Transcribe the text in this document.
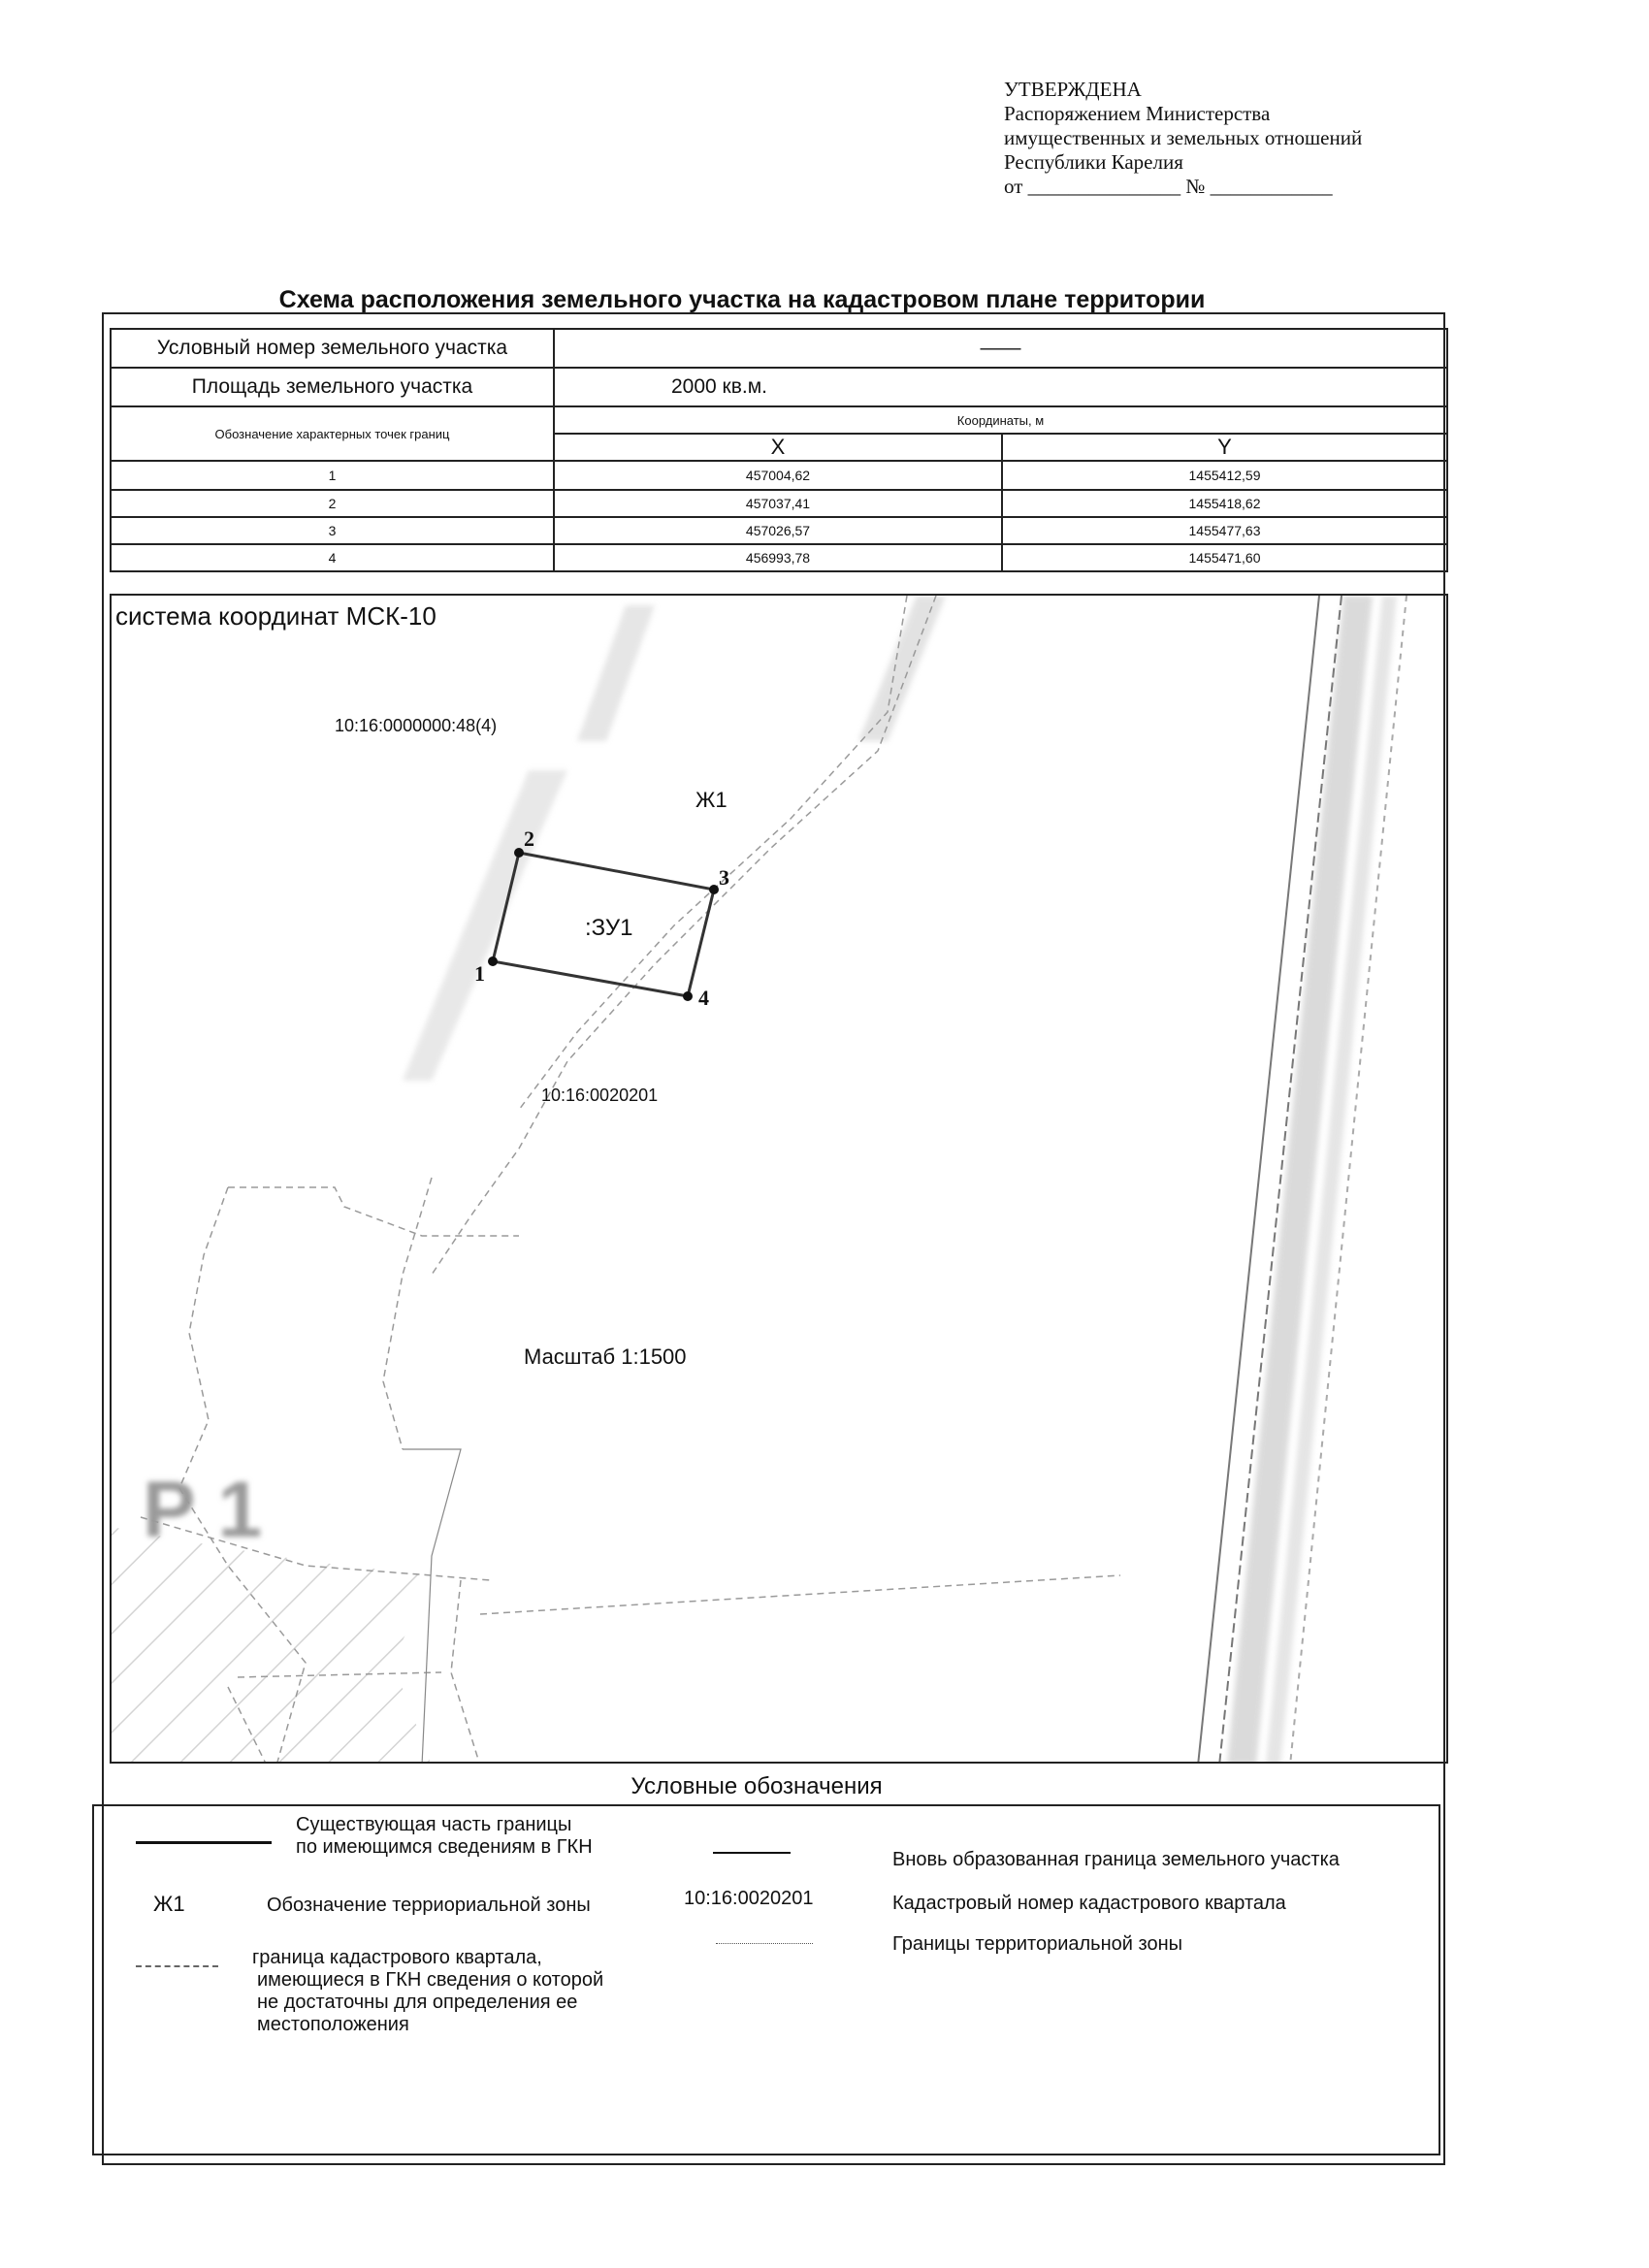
УТВЕРЖДЕНА
Распоряжением Министерства
имущественных и земельных отношений
Республики Карелия
от _______________ № ____________
Схема расположения земельного участка на кадастровом плане территории
Условный номер земельного участка	——	
Площадь земельного участка	2000 кв.м.	
Обозначение характерных точек границ	Координаты, м	
	X	Y
1	457004,62	1455412,59
2	457037,41	1455418,62
3	457026,57	1455477,63
4	456993,78	1455471,60
Р 1
1
2
3
4
система координат МСК-10
10:16:0000000:48(4)
Ж1
:ЗУ1
10:16:0020201
Масштаб 1:1500
Условные обозначения
Существующая часть границы
по имеющимся сведениям в ГКН
Ж1	Обозначение терриориальной зоны
граница кадастрового квартала,
имеющиеся в ГКН сведения о которой
не достаточны для определения ее
местоположения
Вновь образованная граница земельного участка
10:16:0020201	Кадастровый номер кадастрового квартала
Границы территориальной зоны
